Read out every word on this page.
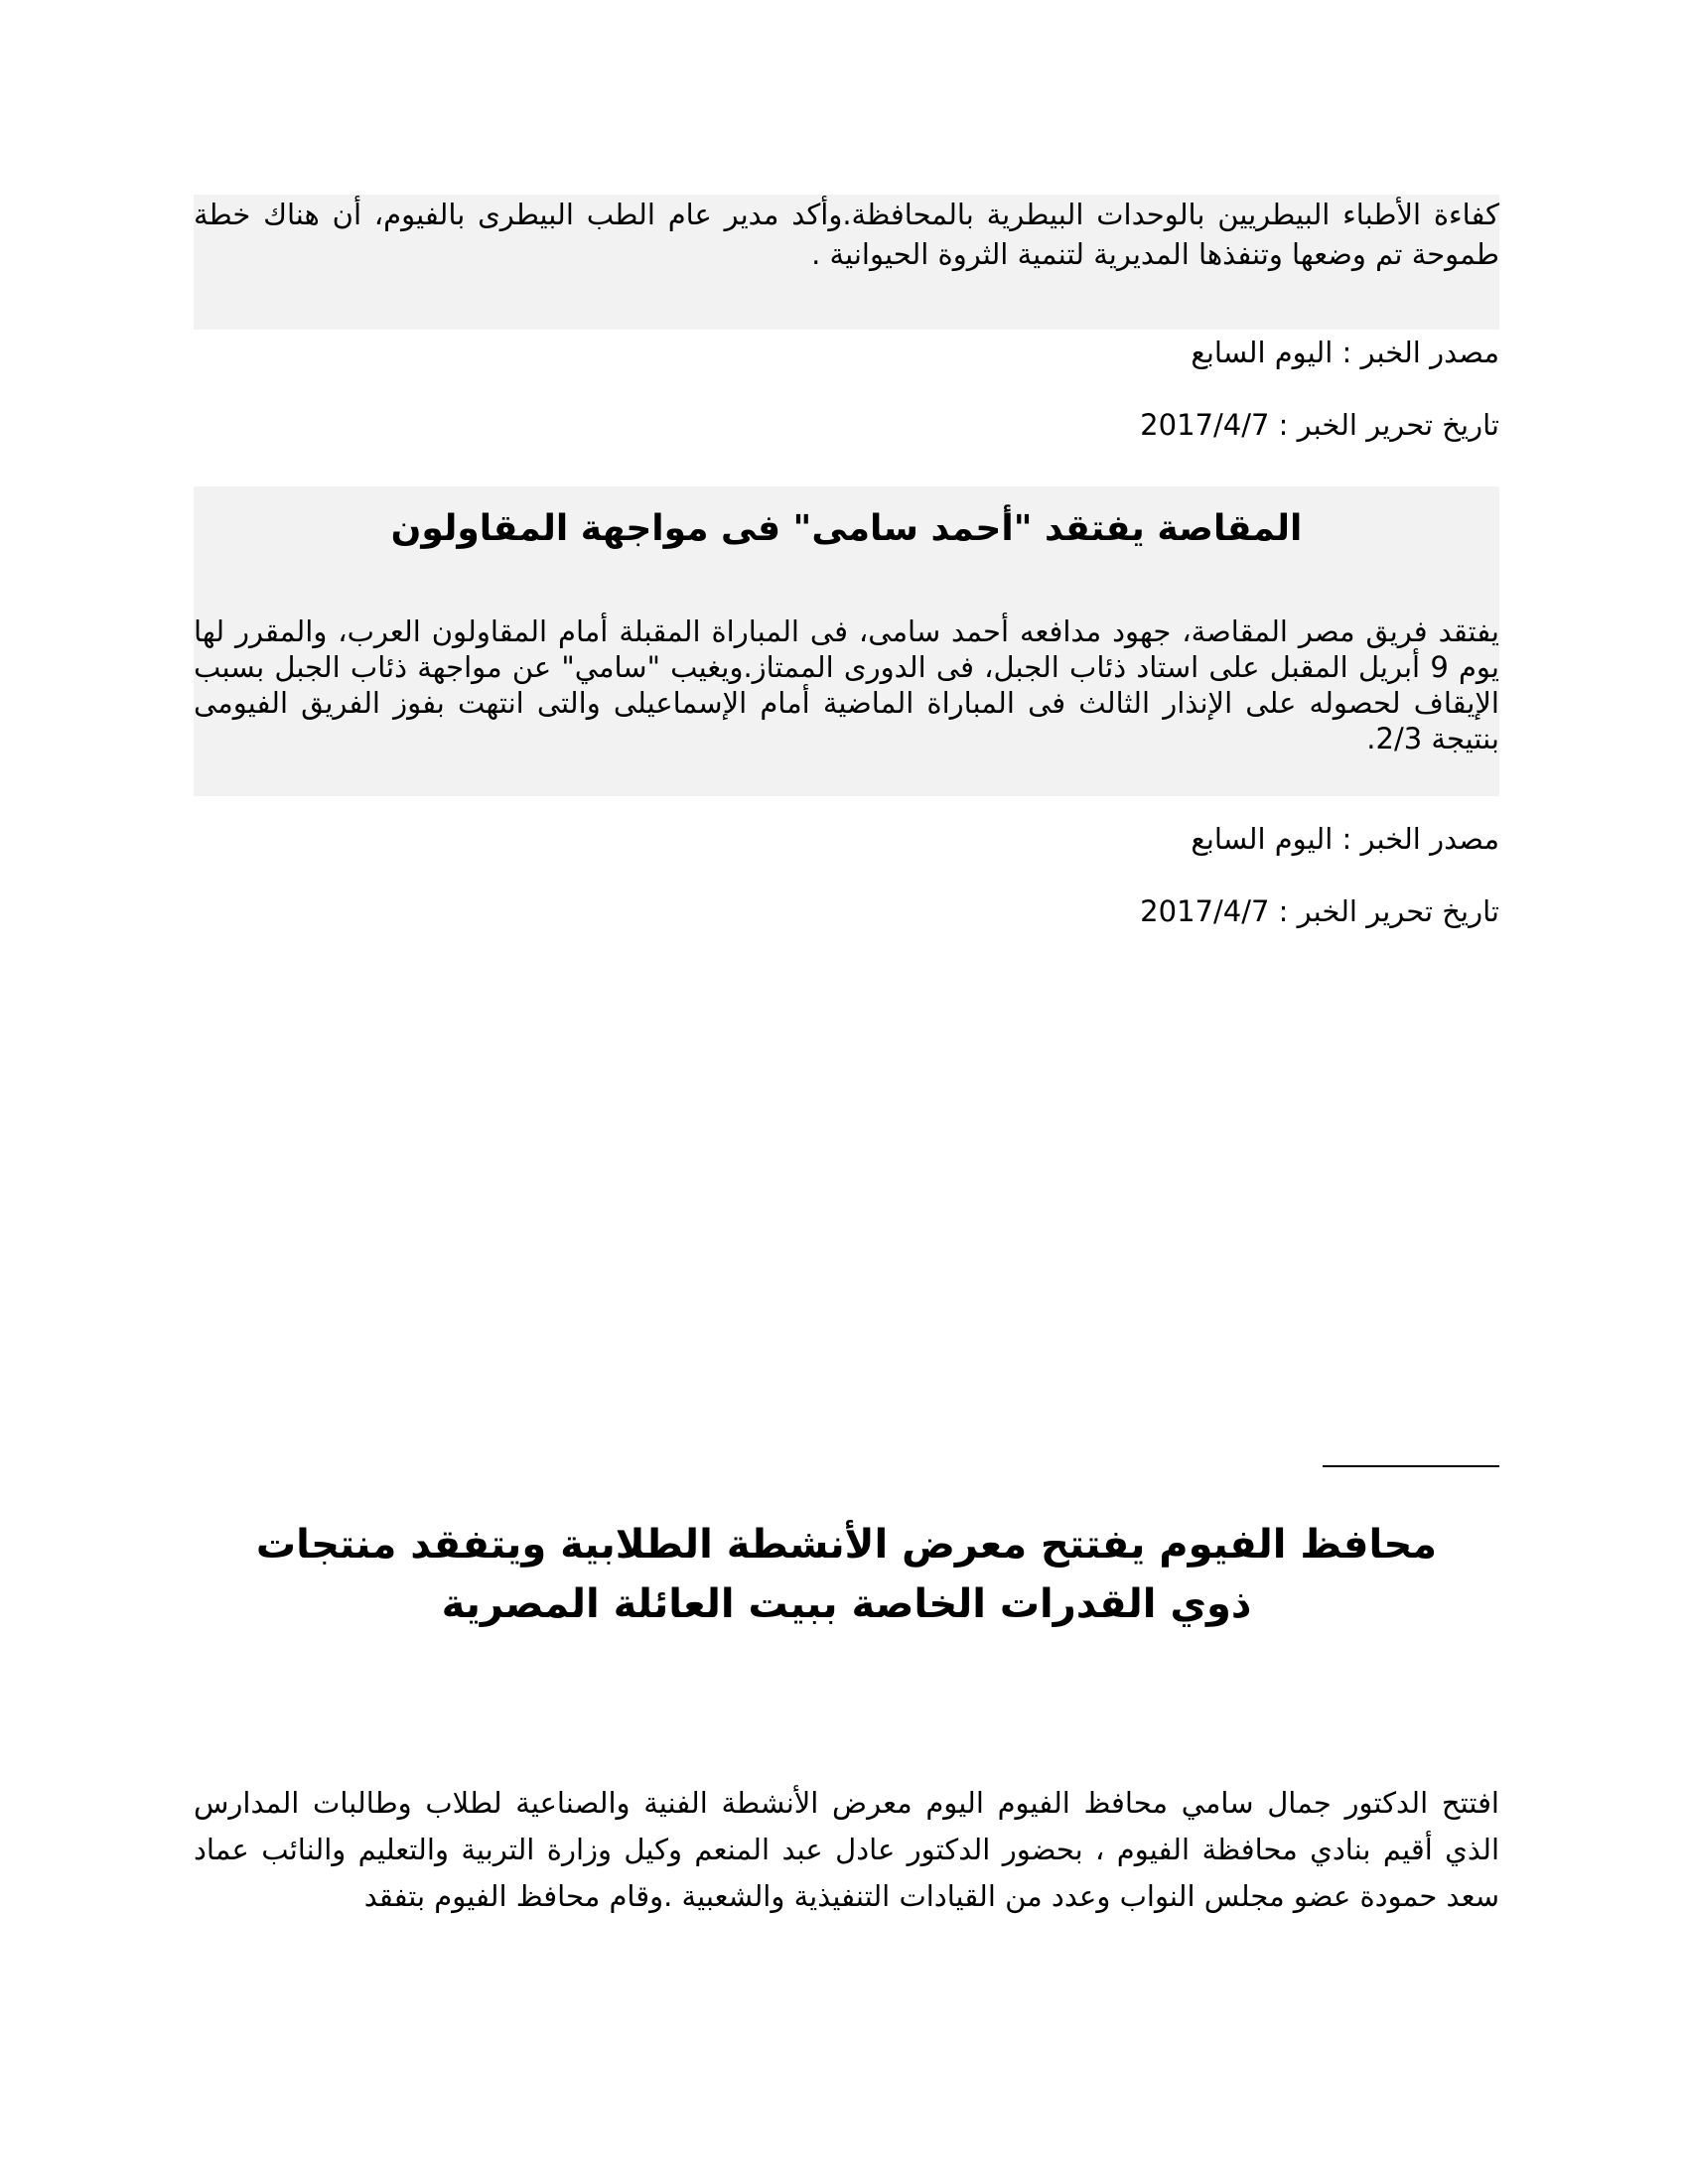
كفاءة الأطباء البيطريين بالوحدات البيطرية بالمحافظة.وأكد مدير عام الطب البيطرى بالفيوم، أن هناك خطة طموحة تم وضعها وتنفذها المديرية لتنمية الثروة الحيوانية .

مصدر الخبر : اليوم السابع

تاريخ تحرير الخبر : 2017/4/7

المقاصة يفتقد "أحمد سامى" فى مواجهة المقاولون

يفتقد فريق مصر المقاصة، جهود مدافعه أحمد سامى، فى المباراة المقبلة أمام المقاولون العرب، والمقرر لها يوم 9 أبريل المقبل على استاد ذئاب الجبل، فى الدورى الممتاز.ويغيب "سامي" عن مواجهة ذئاب الجبل بسبب الإيقاف لحصوله على الإنذار الثالث فى المباراة الماضية أمام الإسماعيلى والتى انتهت بفوز الفريق الفيومى بنتيجة 2/3.

مصدر الخبر : اليوم السابع

تاريخ تحرير الخبر : 2017/4/7

محافظ الفيوم يفتتح معرض الأنشطة الطلابية ويتفقد منتجات ذوي القدرات الخاصة ببيت العائلة المصرية

افتتح الدكتور جمال سامي محافظ الفيوم اليوم معرض الأنشطة الفنية والصناعية لطلاب وطالبات المدارس الذي أقيم بنادي محافظة الفيوم ، بحضور الدكتور عادل عبد المنعم وكيل وزارة التربية والتعليم والنائب عماد سعد حمودة عضو مجلس النواب وعدد من القيادات التنفيذية والشعبية .وقام محافظ الفيوم بتفقد
